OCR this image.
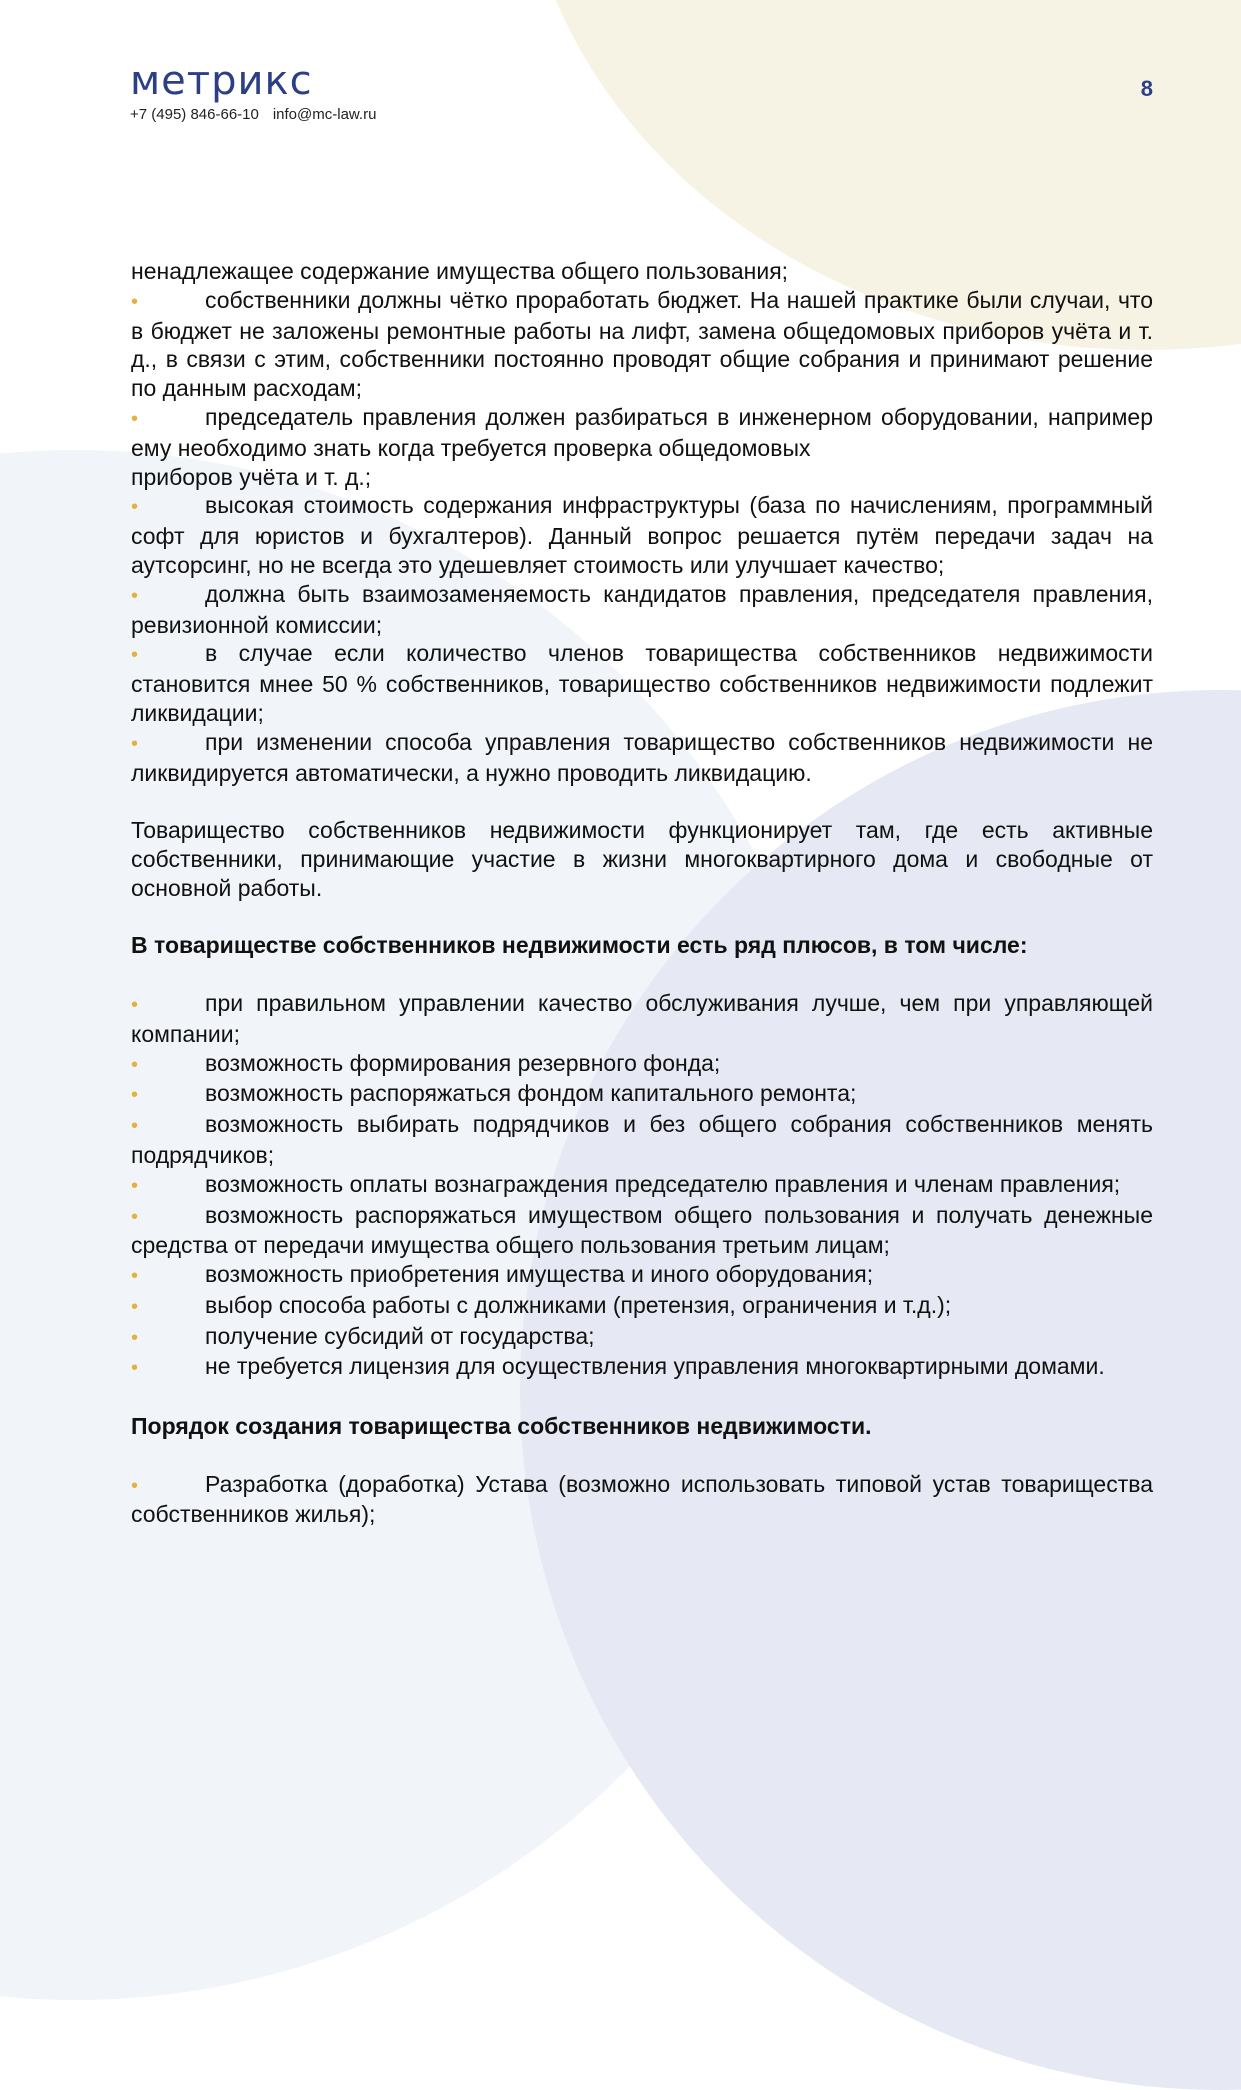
метрикс
+7 (495) 846-66-10 info@mc-law.ru
8

ненадлежащее содержание имущества общего пользования;

•	собственники должны чётко проработать бюджет. На нашей практике были случаи, что в бюджет не заложены ремонтные работы на лифт, замена общедомовых приборов учёта и т. д., в связи с этим, собственники постоянно проводят общие собрания и принимают решение по данным расходам;

•	председатель правления должен разбираться в инженерном оборудовании, например ему необходимо знать когда требуется проверка общедомовых

приборов учёта и т. д.;

•	высокая стоимость содержания инфраструктуры (база по начислениям, программный софт для юристов и бухгалтеров). Данный вопрос решается путём передачи задач на аутсорсинг, но не всегда это удешевляет стоимость или улучшает качество;

•	должна быть взаимозаменяемость кандидатов правления, председателя правления, ревизионной комиссии;

•	в случае если количество членов товарищества собственников недвижимости становится мнее 50 % собственников, товарищество собственников недвижимости подлежит ликвидации;

•	при изменении способа управления товарищество собственников недвижимости не ликвидируется автоматически, а нужно проводить ликвидацию.

Товарищество собственников недвижимости функционирует там, где есть активные собственники, принимающие участие в жизни многоквартирного дома и свободные от основной работы.

В товариществе собственников недвижимости есть ряд плюсов, в том числе:

•	при правильном управлении качество обслуживания лучше, чем при управляющей компании;

•	возможность формирования резервного фонда;

•	возможность распоряжаться фондом капитального ремонта;

•	возможность выбирать подрядчиков и без общего собрания собственников менять подрядчиков;

•	возможность оплаты вознаграждения председателю правления и членам правления;

•	возможность распоряжаться имуществом общего пользования и получать денежные средства от передачи имущества общего пользования третьим лицам;

•	возможность приобретения имущества и иного оборудования;

•	выбор способа работы с должниками (претензия, ограничения и т.д.);

•	получение субсидий от государства;

•	не требуется лицензия для осуществления управления многоквартирными домами.

Порядок создания товарищества собственников недвижимости.

•	Разработка (доработка) Устава (возможно использовать типовой устав товарищества собственников жилья);
